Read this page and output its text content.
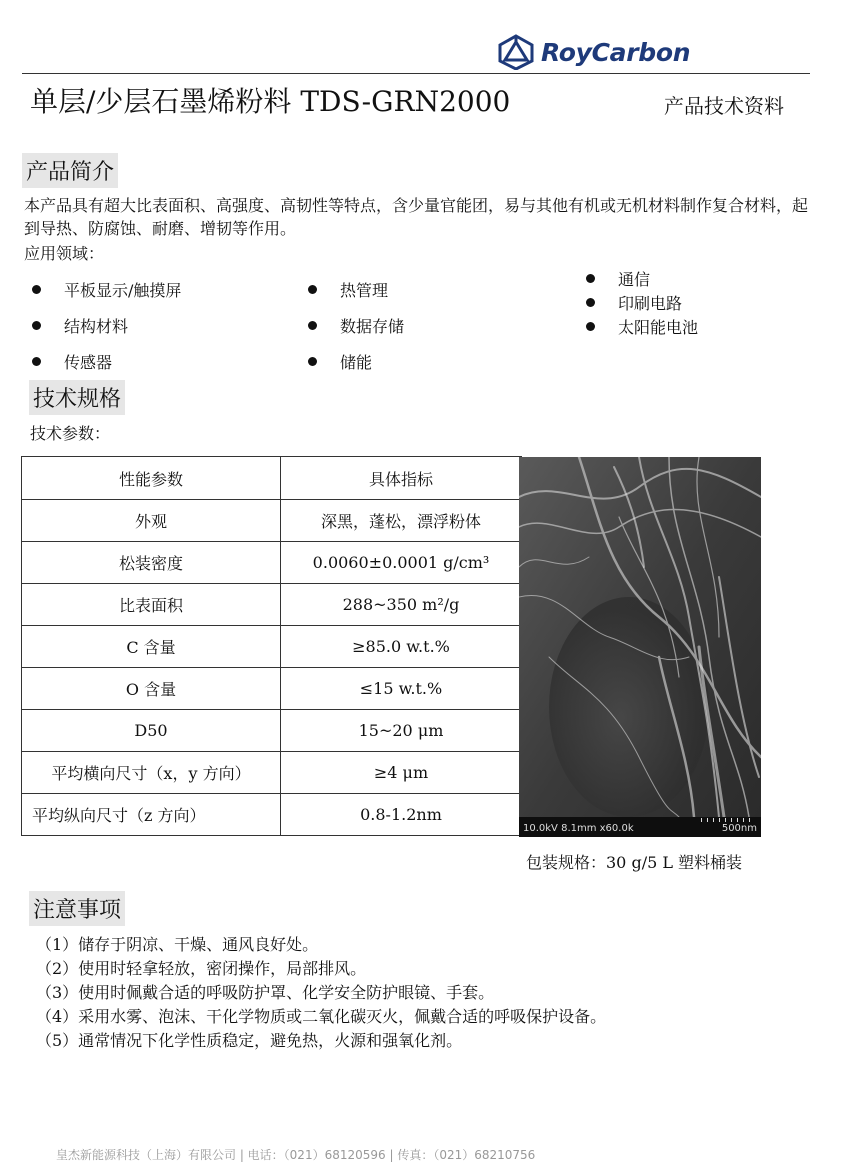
RoyCarbon
单层/少层石墨烯粉料 TDS-GRN2000	产品技术资料
产品简介
本产品具有超大比表面积、高强度、高韧性等特点，含少量官能团，易与其他有机或无机材料制作复合材料，起到导热、防腐蚀、耐磨、增韧等作用。
应用领域：
平板显示/触摸屏
结构材料
传感器
热管理
数据存储
储能
通信
印刷电路
太阳能电池
技术规格
技术参数：
性能参数	具体指标
外观	深黑，蓬松，漂浮粉体
松装密度	0.0060±0.0001 g/cm³
比表面积	288~350 m²/g
C 含量	≥85.0 w.t.%
O 含量	≤15 w.t.%
D50	15~20 μm
平均横向尺寸（x，y 方向）	≥4 μm
平均纵向尺寸（z 方向）	0.8-1.2nm
10.0kV 8.1mm x60.0k	500nm
包装规格：30 g/5 L 塑料桶装
注意事项
（1）储存于阴凉、干燥、通风良好处。
（2）使用时轻拿轻放，密闭操作，局部排风。
（3）使用时佩戴合适的呼吸防护罩、化学安全防护眼镜、手套。
（4）采用水雾、泡沫、干化学物质或二氧化碳灭火，佩戴合适的呼吸保护设备。
（5）通常情况下化学性质稳定，避免热，火源和强氧化剂。
皇杰新能源科技（上海）有限公司 | 电话：（021）68120596 | 传真：（021）68210756
